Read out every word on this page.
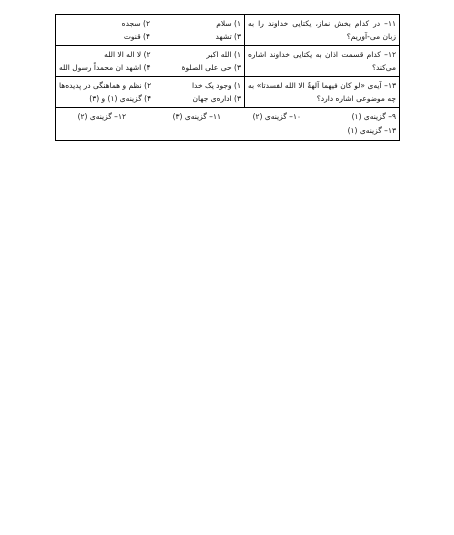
۱۱– در کدام بخش نماز، یکتایی خداوند را به زبان می-آوریم؟	۱) سلام
۲) سجده
۳) تشهد
۴) قنوت

۱۲– کدام قسمت اذان به یکتایی خداوند اشاره می‌کند؟	۱) الله اکبر
۲) لا اله الا الله
۳) حی علی الصلوة
۴) اشهد ان محمداً رسول الله

۱۳– آیه‌ی «لو کان فیهما آلهةٌ الا الله لفسدتا» به چه موضوعی اشاره دارد؟	۱) وجود یک خدا
۲) نظم و هماهنگی در پدیده‌ها
۳) اداره‌ی جهان
۴) گزینه‌ی (۱) و (۳)

۹– گزینه‌ی (۱)
۱۰– گزینه‌ی (۲)
۱۱– گزینه‌ی (۳)
۱۲– گزینه‌ی (۲)
۱۳– گزینه‌ی (۱)	
